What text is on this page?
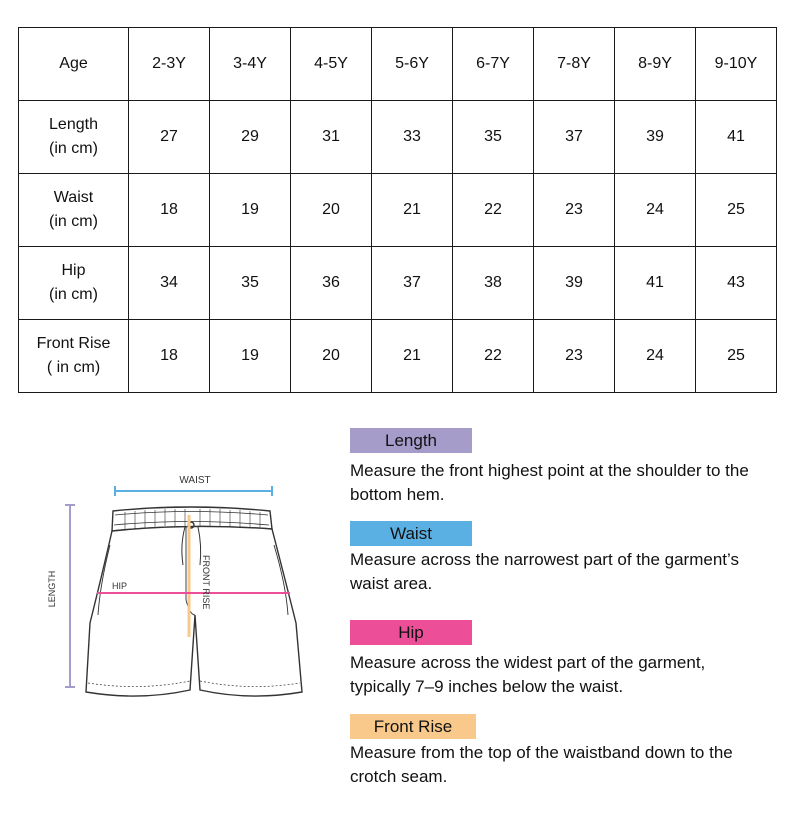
Age	2-3Y	3-4Y	4-5Y	5-6Y	6-7Y	7-8Y	8-9Y	9-10Y
Length
(in cm)	27	29	31	33	35	37	39	41
Waist
(in cm)	18	19	20	21	22	23	24	25
Hip
(in cm)	34	35	36	37	38	39	41	43
Front Rise
( in cm)	18	19	20	21	22	23	24	25
WAIST
LENGTH	HIP	FRONT RISE
Length
Measure the front highest point at the shoulder to the bottom hem.
Waist
Measure across the narrowest part of the garment’s waist area.
Hip
Measure across the widest part of the garment, typically 7–9 inches below the waist.
Front Rise
Measure from the top of the waistband down to the crotch seam.
